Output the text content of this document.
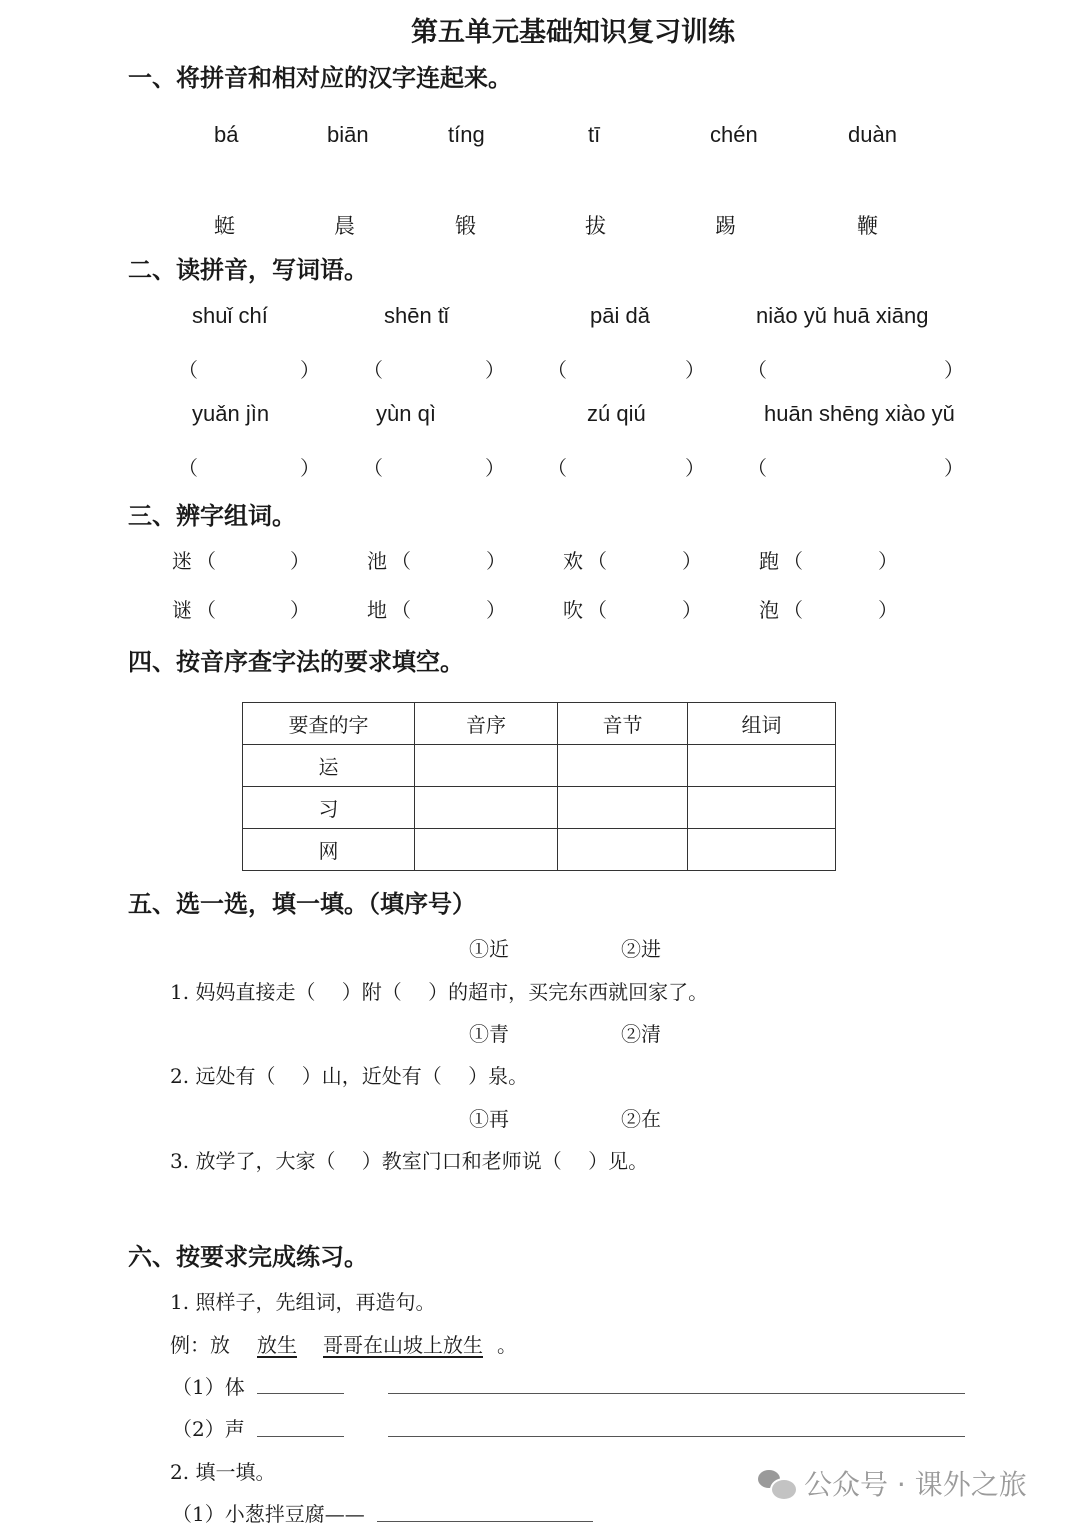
第五单元基础知识复习训练
一、将拼音和相对应的汉字连起来。
bá	biān	tíng	tī	chén	duàn
蜓	晨	锻	拔	踢	鞭
二、读拼音，写词语。
shuǐ chí	shēn tǐ	pāi dǎ	niǎo yǔ huā xiāng
（	） （	） （	） （	）
yuǎn jìn	yùn qì	zú qiú	huān shēng xiào yǔ
（	） （	） （	） （	）
三、辨字组词。
迷 （	）	池 （	）	欢 （	）	跑 （	）
谜 （	）	地 （	）	吹 （	）	泡 （	）
四、按音序查字法的要求填空。
要查的字	音序	音节	组词
运			
习			
网			
五、选一选，填一填。（填序号）
①近	②进
1. 妈妈直接走（　 ）附（　 ）的超市，买完东西就回家了。
①青	②清
2. 远处有（　 ）山，近处有（　 ）泉。
①再	②在
3. 放学了，大家（　 ）教室门口和老师说（　 ）见。
六、按要求完成练习。
1. 照样子，先组词，再造句。
例：放 放生 哥哥在山坡上放生 。
（1）体
（2）声
2. 填一填。
（1）小葱拌豆腐——
公众号 · 课外之旅
